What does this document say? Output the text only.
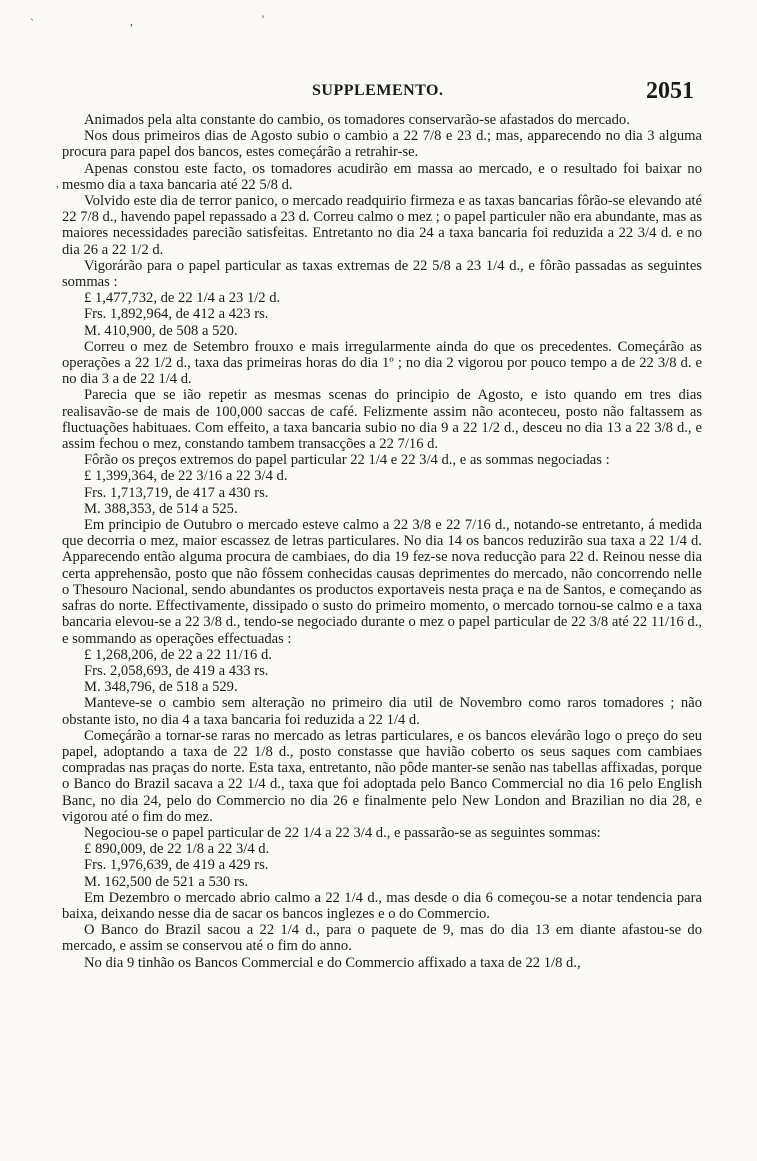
`	,	'
,
SUPPLEMENTO.	2051

Animados pela alta constante do cambio, os tomadores conservarão-se afastados do mercado.

Nos dous primeiros dias de Agosto subio o cambio a 22 7/8 e 23 d.; mas, apparecendo no dia 3 alguma procura para papel dos bancos, estes começárão a retrahir-se.

Apenas constou este facto, os tomadores acudirão em massa ao mercado, e o resultado foi baixar no mesmo dia a taxa bancaria até 22 5/8 d.

Volvido este dia de terror panico, o mercado readquirio firmeza e as taxas bancarias fôrão-se elevando até 22 7/8 d., havendo papel repassado a 23 d. Correu calmo o mez ; o papel particuler não era abundante, mas as maiores necessidades parecião satisfeitas. Entretanto no dia 24 a taxa bancaria foi reduzida a 22 3/4 d. e no dia 26 a 22 1/2 d.

Vigorárão para o papel particular as taxas extremas de 22 5/8 a 23 1/4 d., e fôrão passadas as seguintes sommas :

£ 1,477,732, de 22 1/4 a 23 1/2 d.

Frs. 1,892,964, de 412 a 423 rs.

M. 410,900, de 508 a 520.

Correu o mez de Setembro frouxo e mais irregularmente ainda do que os precedentes. Começárão as operações a 22 1/2 d., taxa das primeiras horas do dia 1º ; no dia 2 vigorou por pouco tempo a de 22 3/8 d. e no dia 3 a de 22 1/4 d.

Parecia que se ião repetir as mesmas scenas do principio de Agosto, e isto quando em tres dias realisavão-se de mais de 100,000 saccas de café. Felizmente assim não aconteceu, posto não faltassem as fluctuações habituaes. Com effeito, a taxa bancaria subio no dia 9 a 22 1/2 d., desceu no dia 13 a 22 3/8 d., e assim fechou o mez, constando tambem transacções a 22 7/16 d.

Fôrão os preços extremos do papel particular 22 1/4 e 22 3/4 d., e as sommas negociadas :

£ 1,399,364, de 22 3/16 a 22 3/4 d.

Frs. 1,713,719, de 417 a 430 rs.

M. 388,353, de 514 a 525.

Em principio de Outubro o mercado esteve calmo a 22 3/8 e 22 7/16 d., notando-se entretanto, á medida que decorria o mez, maior escassez de letras particulares. No dia 14 os bancos reduzirão sua taxa a 22 1/4 d. Apparecendo então alguma procura de cambiaes, do dia 19 fez-se nova reducção para 22 d. Reinou nesse dia certa apprehensão, posto que não fôssem conhecidas causas deprimentes do mercado, não concorrendo nelle o Thesouro Nacional, sendo abundantes os productos exportaveis nesta praça e na de Santos, e começando as safras do norte. Effectivamente, dissipado o susto do primeiro momento, o mercado tornou-se calmo e a taxa bancaria elevou-se a 22 3/8 d., tendo-se negociado durante o mez o papel particular de 22 3/8 até 22 11/16 d., e sommando as operações effectuadas :

£ 1,268,206, de 22 a 22 11/16 d.

Frs. 2,058,693, de 419 a 433 rs.

M. 348,796, de 518 a 529.

Manteve-se o cambio sem alteração no primeiro dia util de Novembro como raros tomadores ; não obstante isto, no dia 4 a taxa bancaria foi reduzida a 22 1/4 d.

Começárão a tornar-se raras no mercado as letras particulares, e os bancos elevárão logo o preço do seu papel, adoptando a taxa de 22 1/8 d., posto constasse que havião coberto os seus saques com cambiaes compradas nas praças do norte. Esta taxa, entretanto, não pôde manter-se senão nas tabellas affixadas, porque o Banco do Brazil sacava a 22 1/4 d., taxa que foi adoptada pelo Banco Commercial no dia 16 pelo English Banc, no dia 24, pelo do Commercio no dia 26 e finalmente pelo New London and Brazilian no dia 28, e vigorou até o fim do mez.

Negociou-se o papel particular de 22 1/4 a 22 3/4 d., e passarão-se as seguintes sommas:

£ 890,009, de 22 1/8 a 22 3/4 d.

Frs. 1,976,639, de 419 a 429 rs.

M. 162,500 de 521 a 530 rs.

Em Dezembro o mercado abrio calmo a 22 1/4 d., mas desde o dia 6 começou-se a notar tendencia para baixa, deixando nesse dia de sacar os bancos inglezes e o do Commercio.

O Banco do Brazil sacou a 22 1/4 d., para o paquete de 9, mas do dia 13 em diante afastou-se do mercado, e assim se conservou até o fim do anno.

No dia 9 tinhão os Bancos Commercial e do Commercio affixado a taxa de 22 1/8 d.,
